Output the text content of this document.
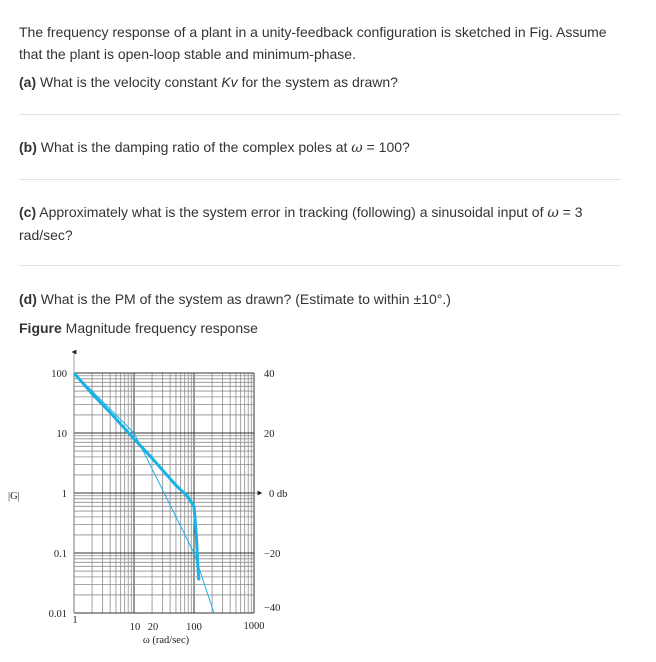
The frequency response of a plant in a unity-feedback configuration is sketched in Fig. Assume that the plant is open-loop stable and minimum-phase.

(a) What is the velocity constant Kv for the system as drawn?

(b) What is the damping ratio of the complex poles at ω = 100?

(c) Approximately what is the system error in tracking (following) a sinusoidal input of ω = 3 rad/sec?

(d) What is the PM of the system as drawn? (Estimate to within ±10°.)

Figure Magnitude frequency response

100
10
1
0.1
0.01
40
20
0 db
−20
−40
1
10 20	100	1000
|G|
ω (rad/sec)
